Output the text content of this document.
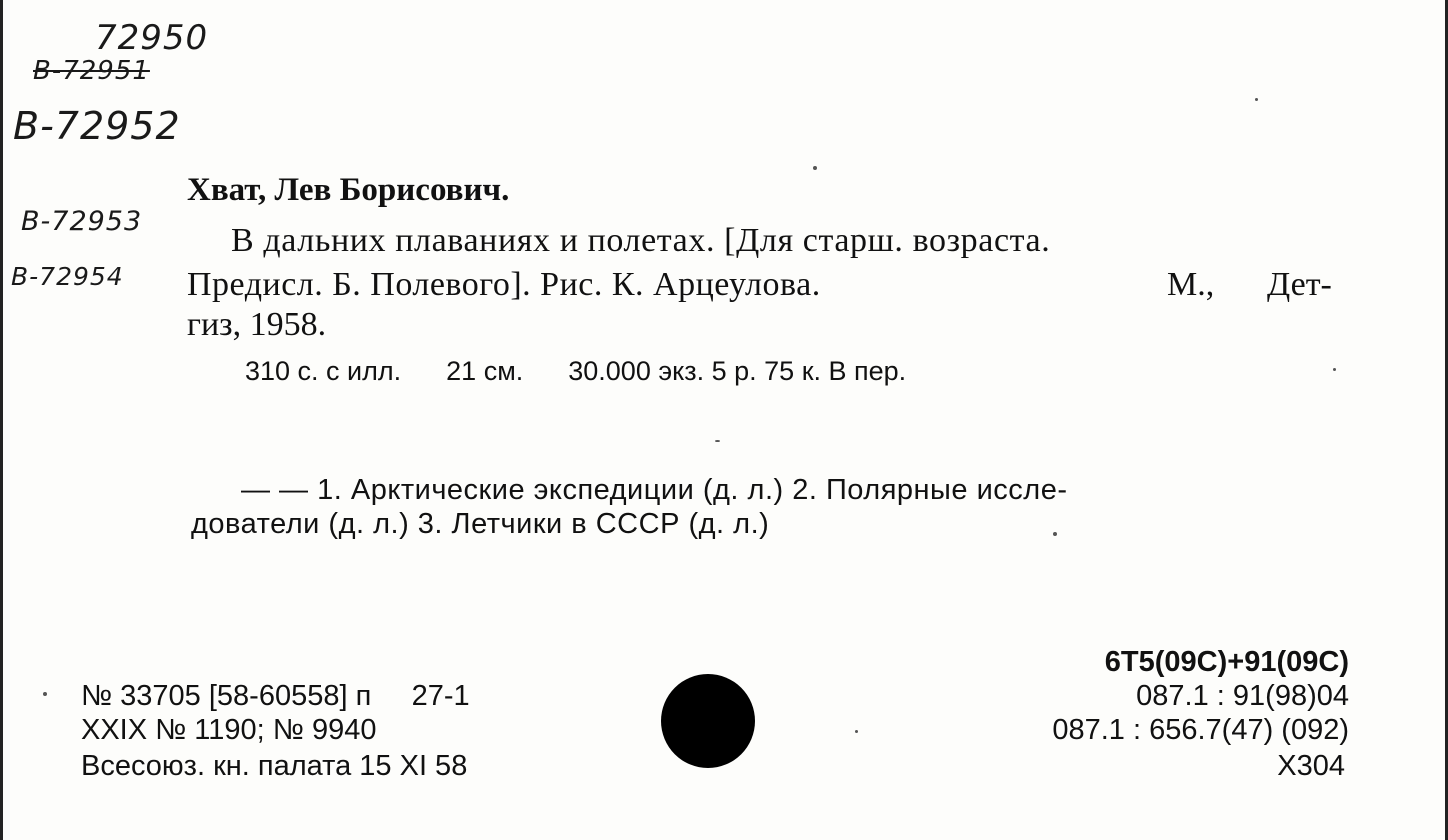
72950
В-72951
В-72952
В-72953
В-72954
Хват, Лев Борисович.
В дальних плаваниях и полетах. [Для старш. возраста.
Предисл. Б. Полевого]. Рис. К. Арцеулова.	М., Дет-
гиз, 1958.
310 с. с илл.      21 см.      30.000 экз. 5 р. 75 к. В пер.
— — 1. Арктические экспедиции (д. л.) 2. Полярные иссле-
дователи (д. л.) 3. Летчики в СССР (д. л.)
№ 33705 [58-60558] п     27-1
XXIX № 1190; № 9940
Всесоюз. кн. палата 15 XI 58
6Т5(09С)+91(09С)
087.1 : 91(98)04
087.1 : 656.7(47) (092)
Х304
